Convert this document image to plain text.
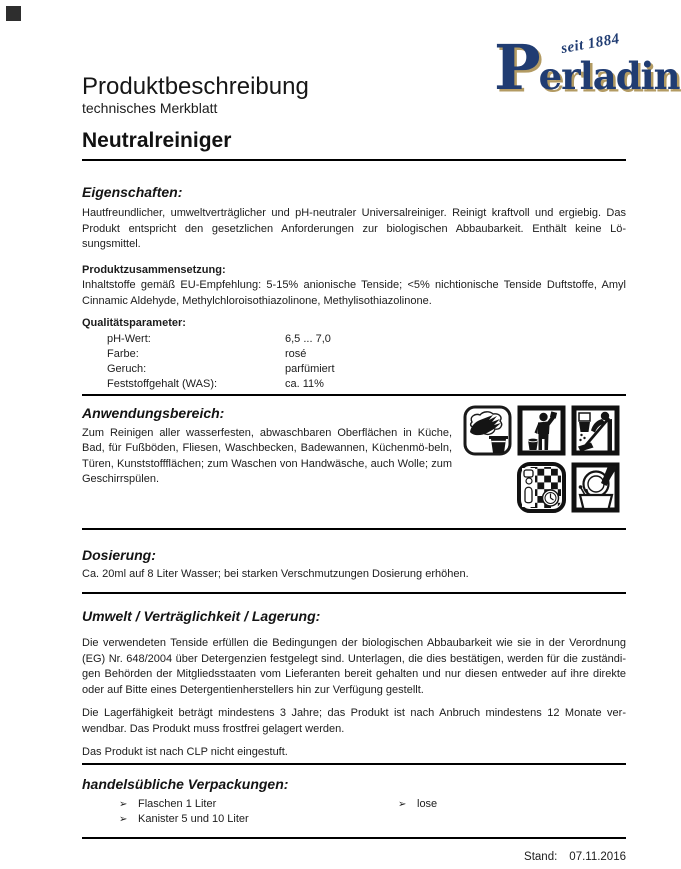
seit 1884
Perladin
Produktbeschreibung
technisches Merkblatt
Neutralreiniger
Eigenschaften:

Hautfreundlicher, umweltverträglicher und pH-neutraler Universalreiniger. Reinigt kraftvoll und ergiebig. Das Produkt entspricht den gesetzlichen Anforderungen zur biologischen Abbaubarkeit. Enthält keine Lö-sungsmittel.

Produktzusammensetzung:

Inhaltstoffe gemäß EU-Empfehlung: 5-15% anionische Tenside; <5% nichtionische Tenside Duftstoffe, Amyl Cinnamic Aldehyde, Methylchloroisothiazolinone, Methylisothiazolinone.

Qualitätsparameter:
pH-Wert:	6,5 ... 7,0
Farbe:	rosé
Geruch:	parfümiert
Feststoffgehalt (WAS):	ca. 11%
Anwendungsbereich:

Zum Reinigen aller wasserfesten, abwaschbaren Oberflächen in Küche, Bad, für Fußböden, Fliesen, Waschbecken, Badewannen, Küchenmö-beln, Türen, Kunststoffflächen; zum Waschen von Handwäsche, auch Wolle; zum Geschirrspülen.

Dosierung:

Ca. 20ml auf 8 Liter Wasser; bei starken Verschmutzungen Dosierung erhöhen.

Umwelt / Verträglichkeit / Lagerung:

Die verwendeten Tenside erfüllen die Bedingungen der biologischen Abbaubarkeit wie sie in der Verordnung (EG) Nr. 648/2004 über Detergenzien festgelegt sind. Unterlagen, die dies bestätigen, werden für die zuständi-gen Behörden der Mitgliedsstaaten vom Lieferanten bereit gehalten und nur diesen entweder auf ihre direkte oder auf Bitte eines Detergentienherstellers hin zur Verfügung gestellt.

Die Lagerfähigkeit beträgt mindestens 3 Jahre; das Produkt ist nach Anbruch mindestens 12 Monate ver-wendbar. Das Produkt muss frostfrei gelagert werden.

Das Produkt ist nach CLP nicht eingestuft.

handelsübliche Verpackungen:
➢ Flaschen 1 Liter
➢ Kanister 5 und 10 Liter
➢ lose

Stand: 07.11.2016
